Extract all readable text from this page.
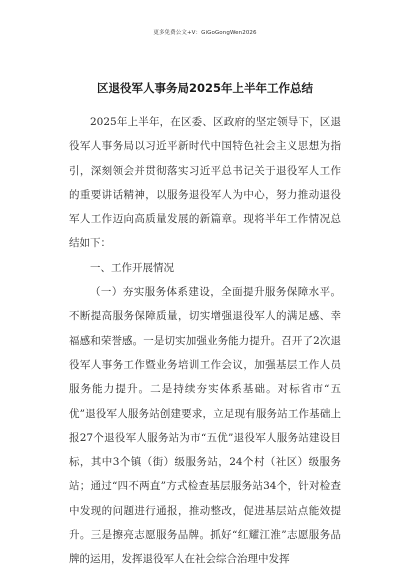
更多免费公文+V：GiGoGongWen2026
区退役军人事务局2025年上半年工作总结

2025年上半年，在区委、区政府的坚定领导下，区退役军人事务局以习近平新时代中国特色社会主义思想为指引，深刻领会并贯彻落实习近平总书记关于退役军人工作的重要讲话精神，以服务退役军人为中心，努力推动退役军人工作迈向高质量发展的新篇章。现将半年工作情况总结如下：

一、工作开展情况

（一）夯实服务体系建设，全面提升服务保障水平。不断提高服务保障质量，切实增强退役军人的满足感、幸福感和荣誉感。一是切实加强业务能力提升。召开了2次退役军人事务工作暨业务培训工作会议，加强基层工作人员服务能力提升。二是持续夯实体系基础。对标省市“五优”退役军人服务站创建要求，立足现有服务站工作基础上报27个退役军人服务站为市“五优”退役军人服务站建设目标，其中3个镇（街）级服务站，24个村（社区）级服务站；通过“四不两直”方式检查基层服务站34个，针对检查中发现的问题进行通报，推动整改，促进基层站点能效提升。三是擦亮志愿服务品牌。抓好“红耀江淮”志愿服务品牌的运用，发挥退役军人在社会综合治理中发挥
